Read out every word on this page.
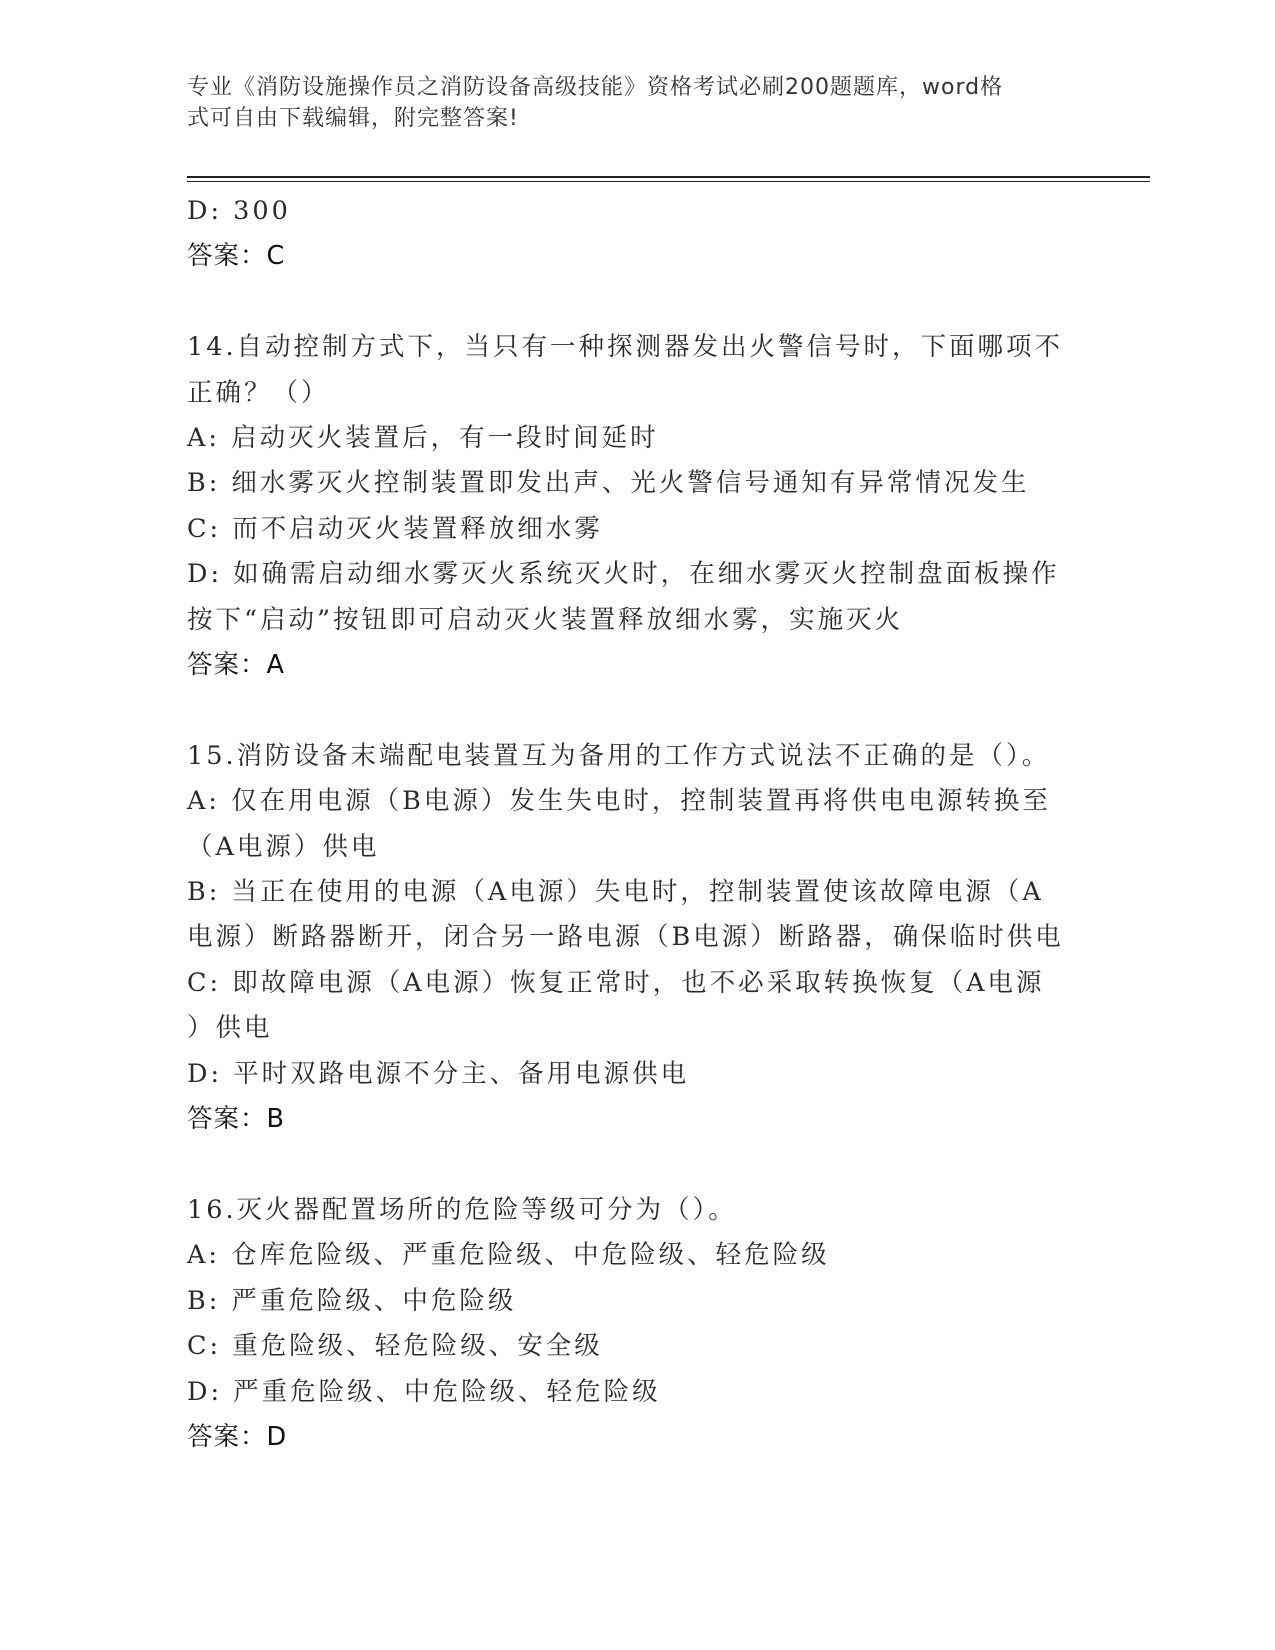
专业《消防设施操作员之消防设备高级技能》资格考试必刷200题题库，word格
式可自由下载编辑，附完整答案!
D: 300
答案：C
14.自动控制方式下，当只有一种探测器发出火警信号时，下面哪项不
正确？（）
A: 启动灭火装置后，有一段时间延时
B: 细水雾灭火控制装置即发出声、光火警信号通知有异常情况发生
C: 而不启动灭火装置释放细水雾
D: 如确需启动细水雾灭火系统灭火时，在细水雾灭火控制盘面板操作
按下“启动”按钮即可启动灭火装置释放细水雾，实施灭火
答案：A
15.消防设备末端配电装置互为备用的工作方式说法不正确的是（）。
A: 仅在用电源（B电源）发生失电时，控制装置再将供电电源转换至
（A电源）供电
B: 当正在使用的电源（A电源）失电时，控制装置使该故障电源（A
电源）断路器断开，闭合另一路电源（B电源）断路器，确保临时供电
C: 即故障电源（A电源）恢复正常时，也不必采取转换恢复（A电源
）供电
D: 平时双路电源不分主、备用电源供电
答案：B
16.灭火器配置场所的危险等级可分为（）。
A: 仓库危险级、严重危险级、中危险级、轻危险级
B: 严重危险级、中危险级
C: 重危险级、轻危险级、安全级
D: 严重危险级、中危险级、轻危险级
答案：D
